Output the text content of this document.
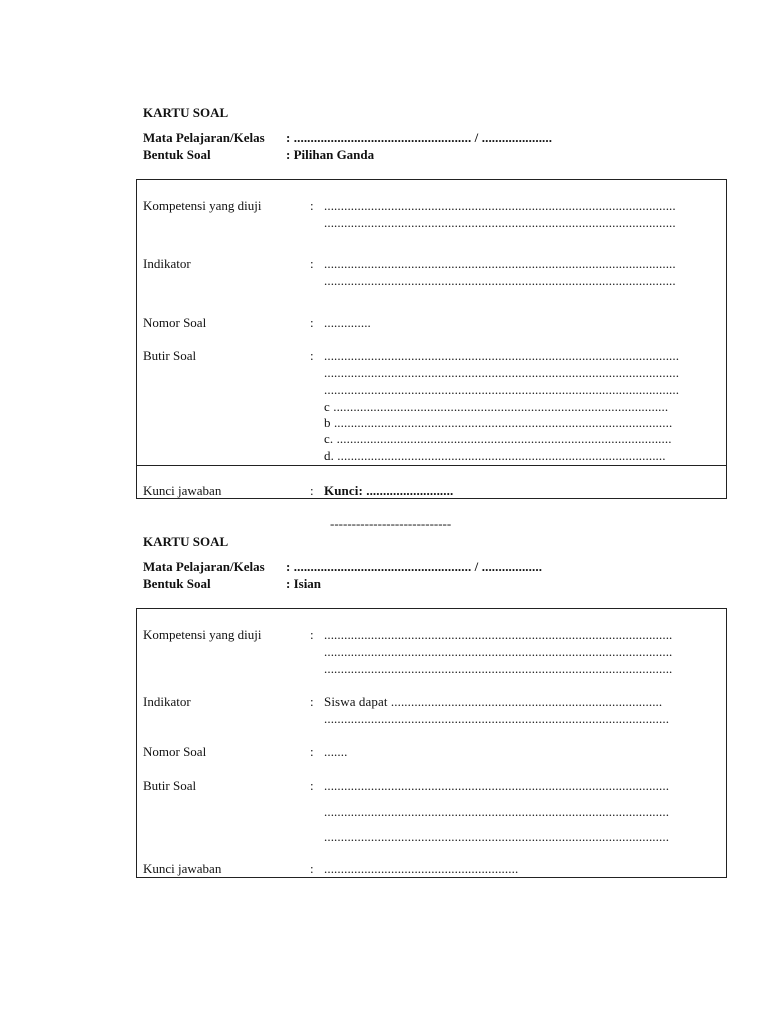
KARTU SOAL
Mata Pelajaran/Kelas : ..................................................... / .....................
Bentuk Soal	: Pilihan Ganda
Kompetensi yang diuji	: .........................................................................................................
.........................................................................................................
Indikator	: .........................................................................................................
.........................................................................................................
Nomor Soal	: ..............
Butir Soal	: ..........................................................................................................
..........................................................................................................
..........................................................................................................
c ....................................................................................................
b .....................................................................................................
c. ....................................................................................................
d. ..................................................................................................
Kunci jawaban	: Kunci: ..........................
----------------------------
KARTU SOAL
Mata Pelajaran/Kelas : ..................................................... / ..................
Bentuk Soal	: Isian
Kompetensi yang diuji	: ........................................................................................................
........................................................................................................
........................................................................................................
Indikator	: Siswa dapat .................................................................................
.......................................................................................................
Nomor Soal	: .......
Butir Soal	: .......................................................................................................
.......................................................................................................
.......................................................................................................
Kunci jawaban	: ..........................................................
